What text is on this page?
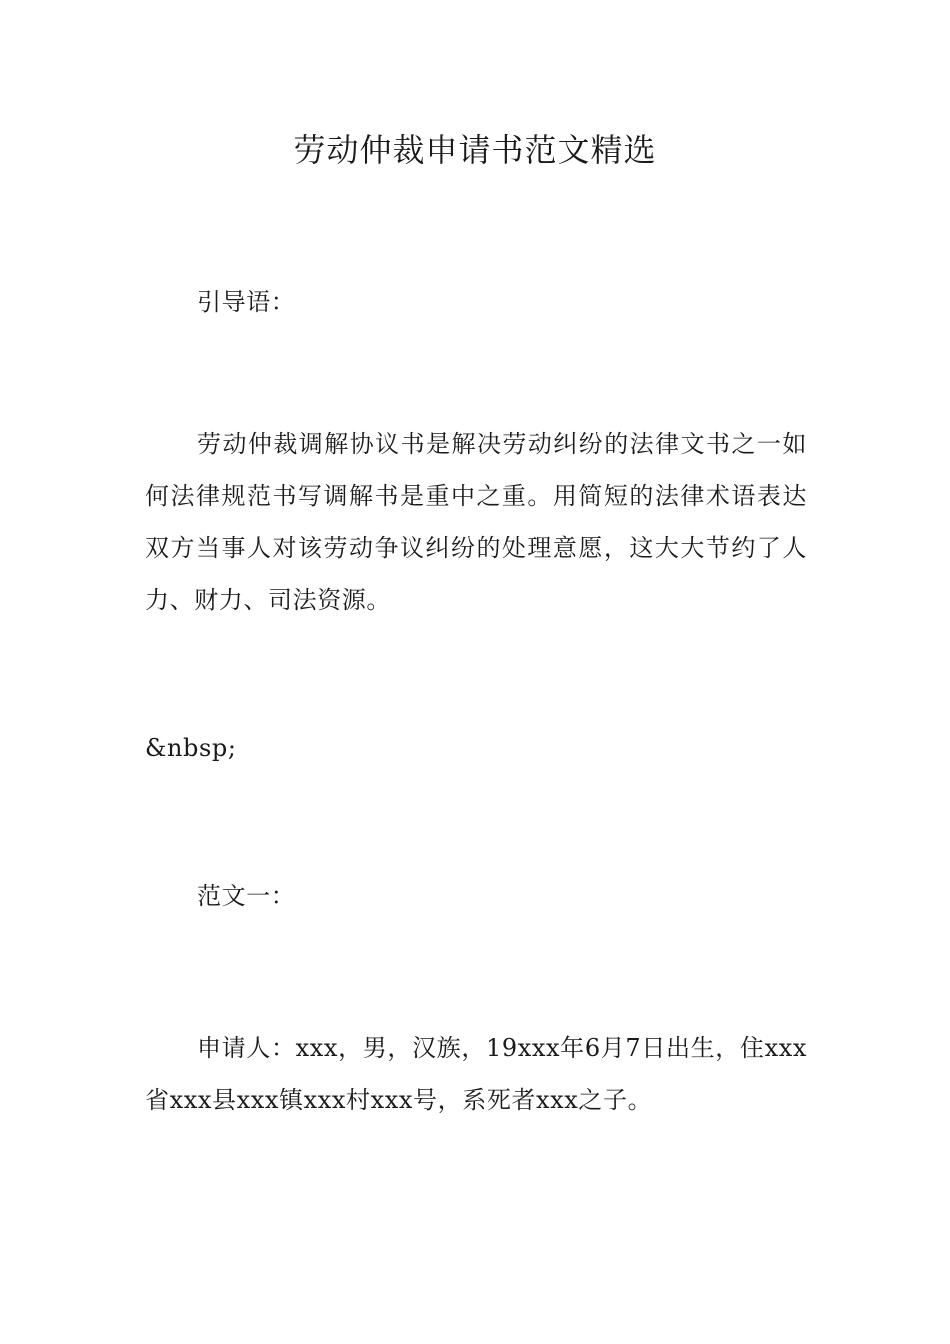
劳动仲裁申请书范文精选

引导语：

劳动仲裁调解协议书是解决劳动纠纷的法律文书之一如何法律规范书写调解书是重中之重。用简短的法律术语表达双方当事人对该劳动争议纠纷的处理意愿，这大大节约了人力、财力、司法资源。

&nbsp;

范文一：

申请人：xxx，男，汉族，19xxx年6月7日出生，住xxx省xxx县xxx镇xxx村xxx号，系死者xxx之子。
